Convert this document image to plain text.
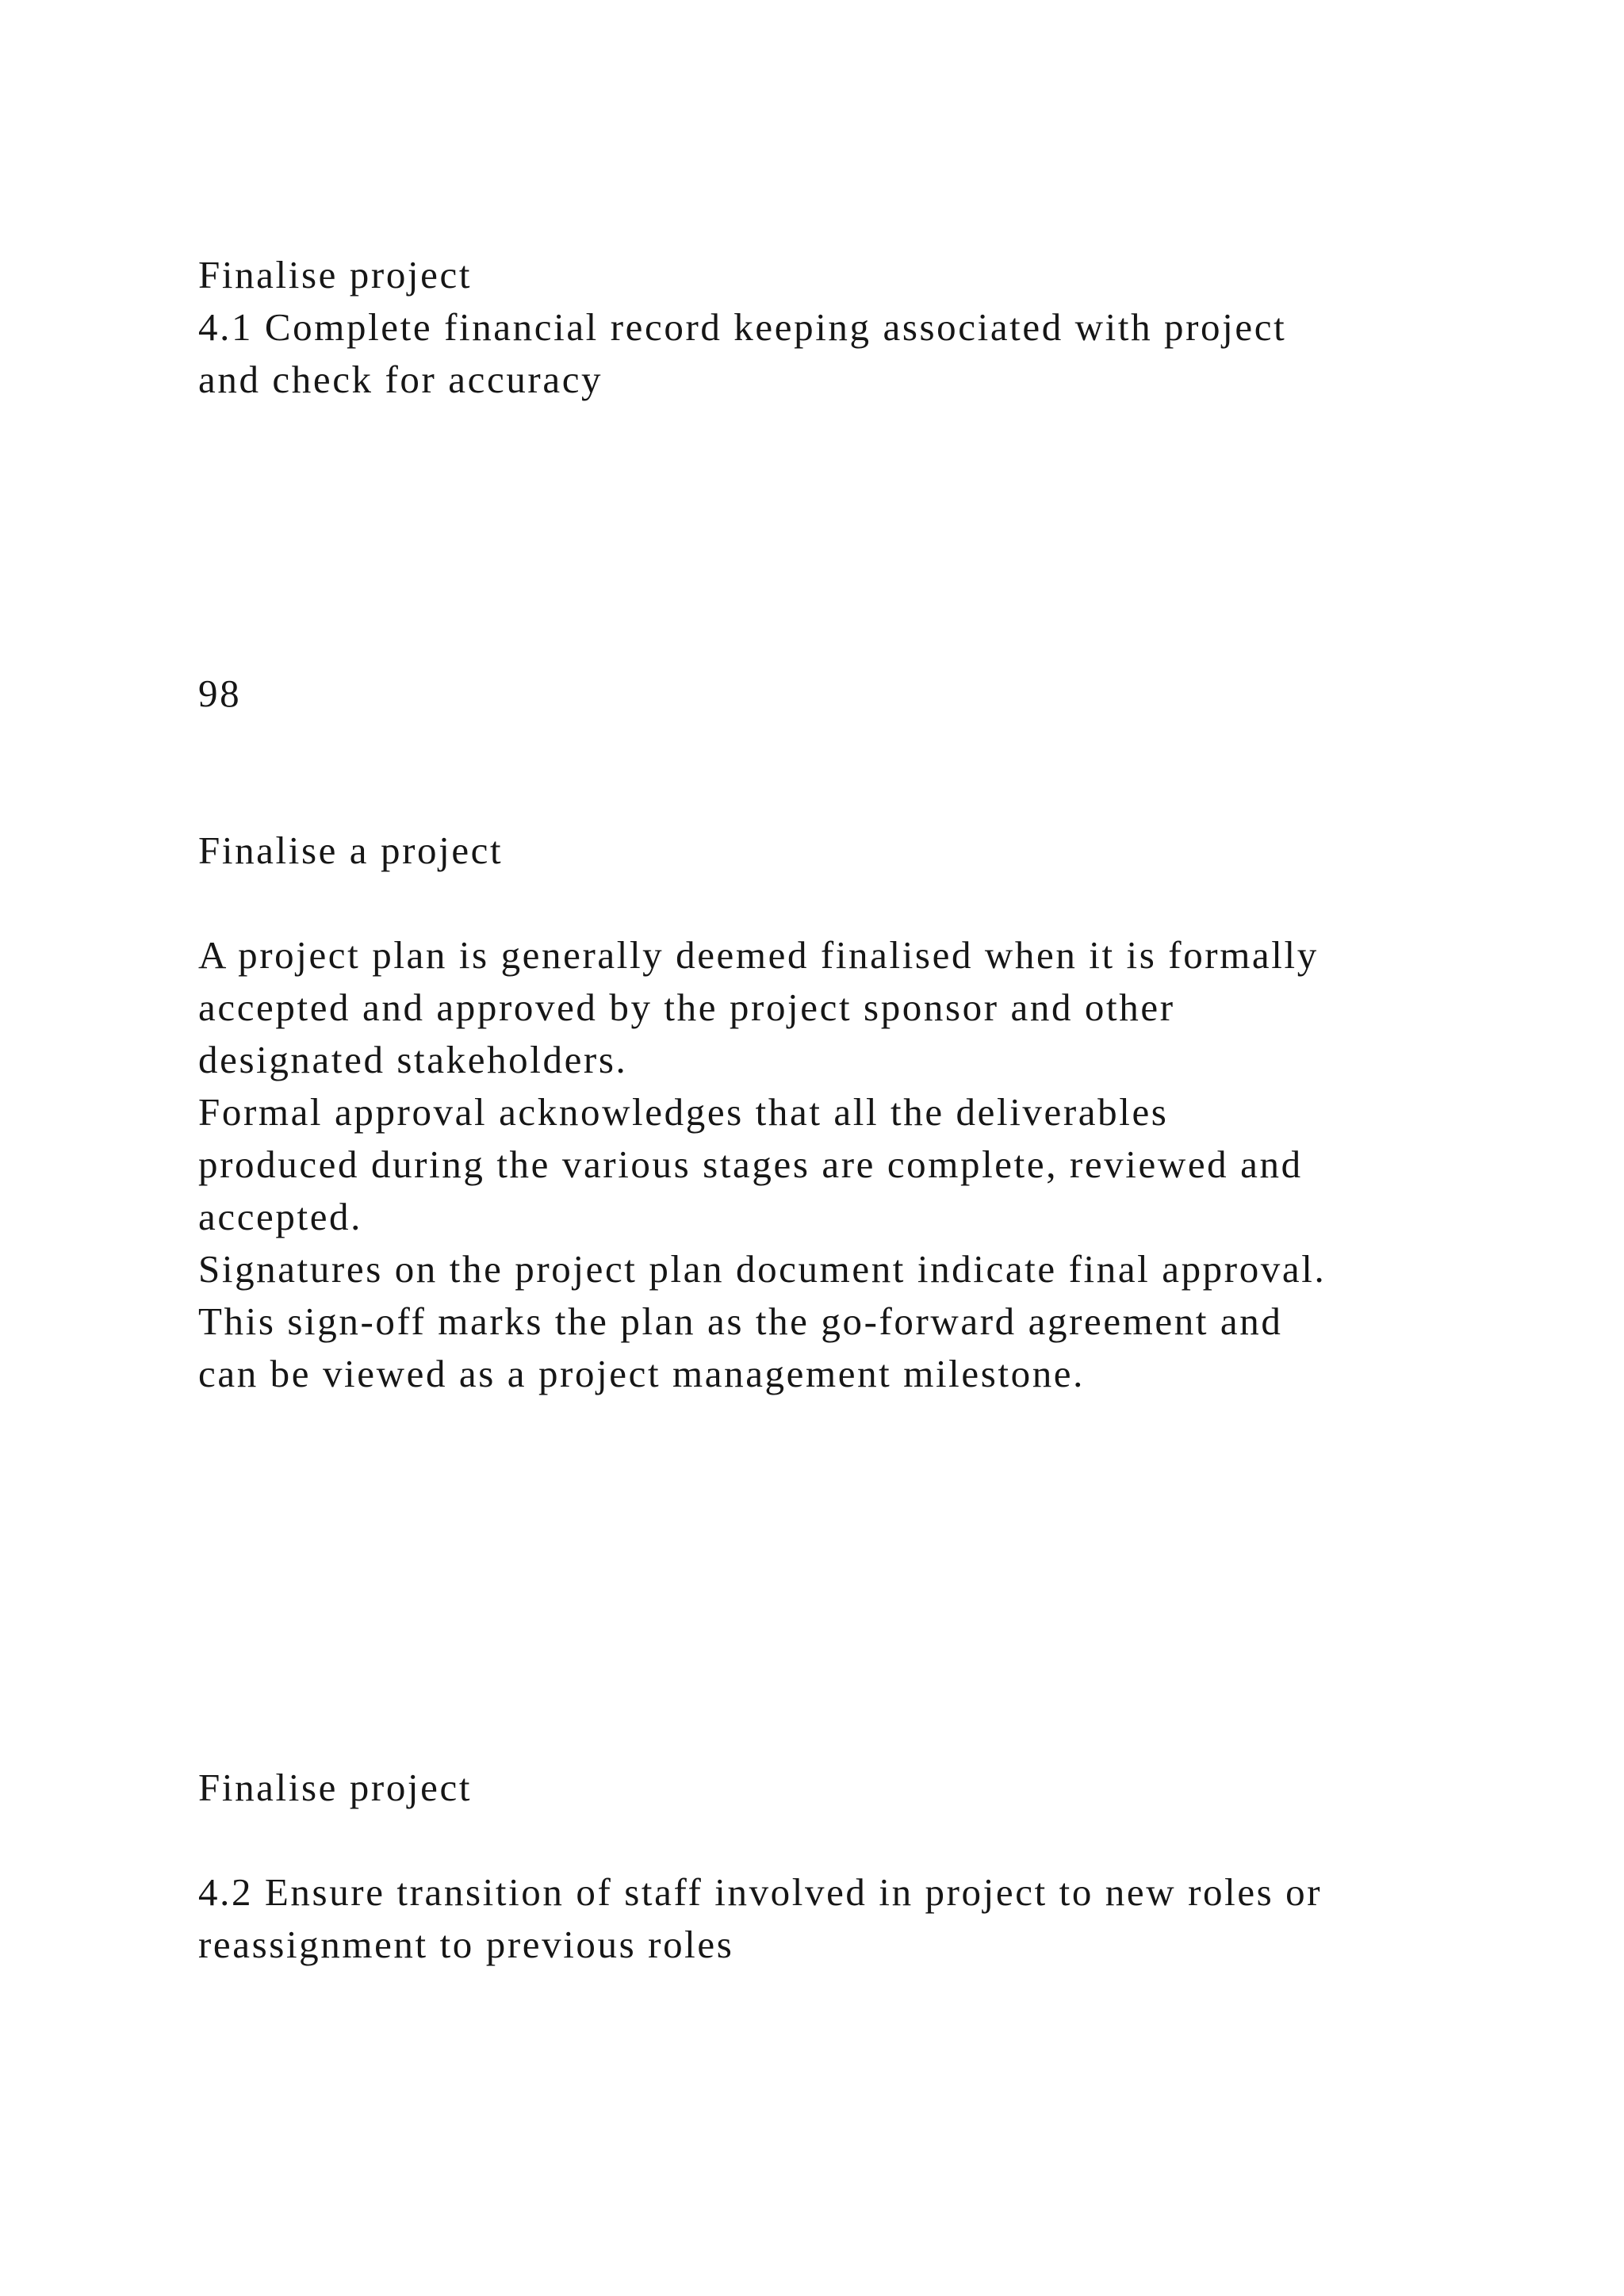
Finalise project

4.1 Complete financial record keeping associated with project

and check for accuracy

98

Finalise a project

A project plan is generally deemed finalised when it is formally

accepted and approved by the project sponsor and other

designated stakeholders.

Formal approval acknowledges that all the deliverables

produced during the various stages are complete, reviewed and

accepted.

Signatures on the project plan document indicate final approval.

This sign-off marks the plan as the go-forward agreement and

can be viewed as a project management milestone.

Finalise project

4.2 Ensure transition of staff involved in project to new roles or

reassignment to previous roles
